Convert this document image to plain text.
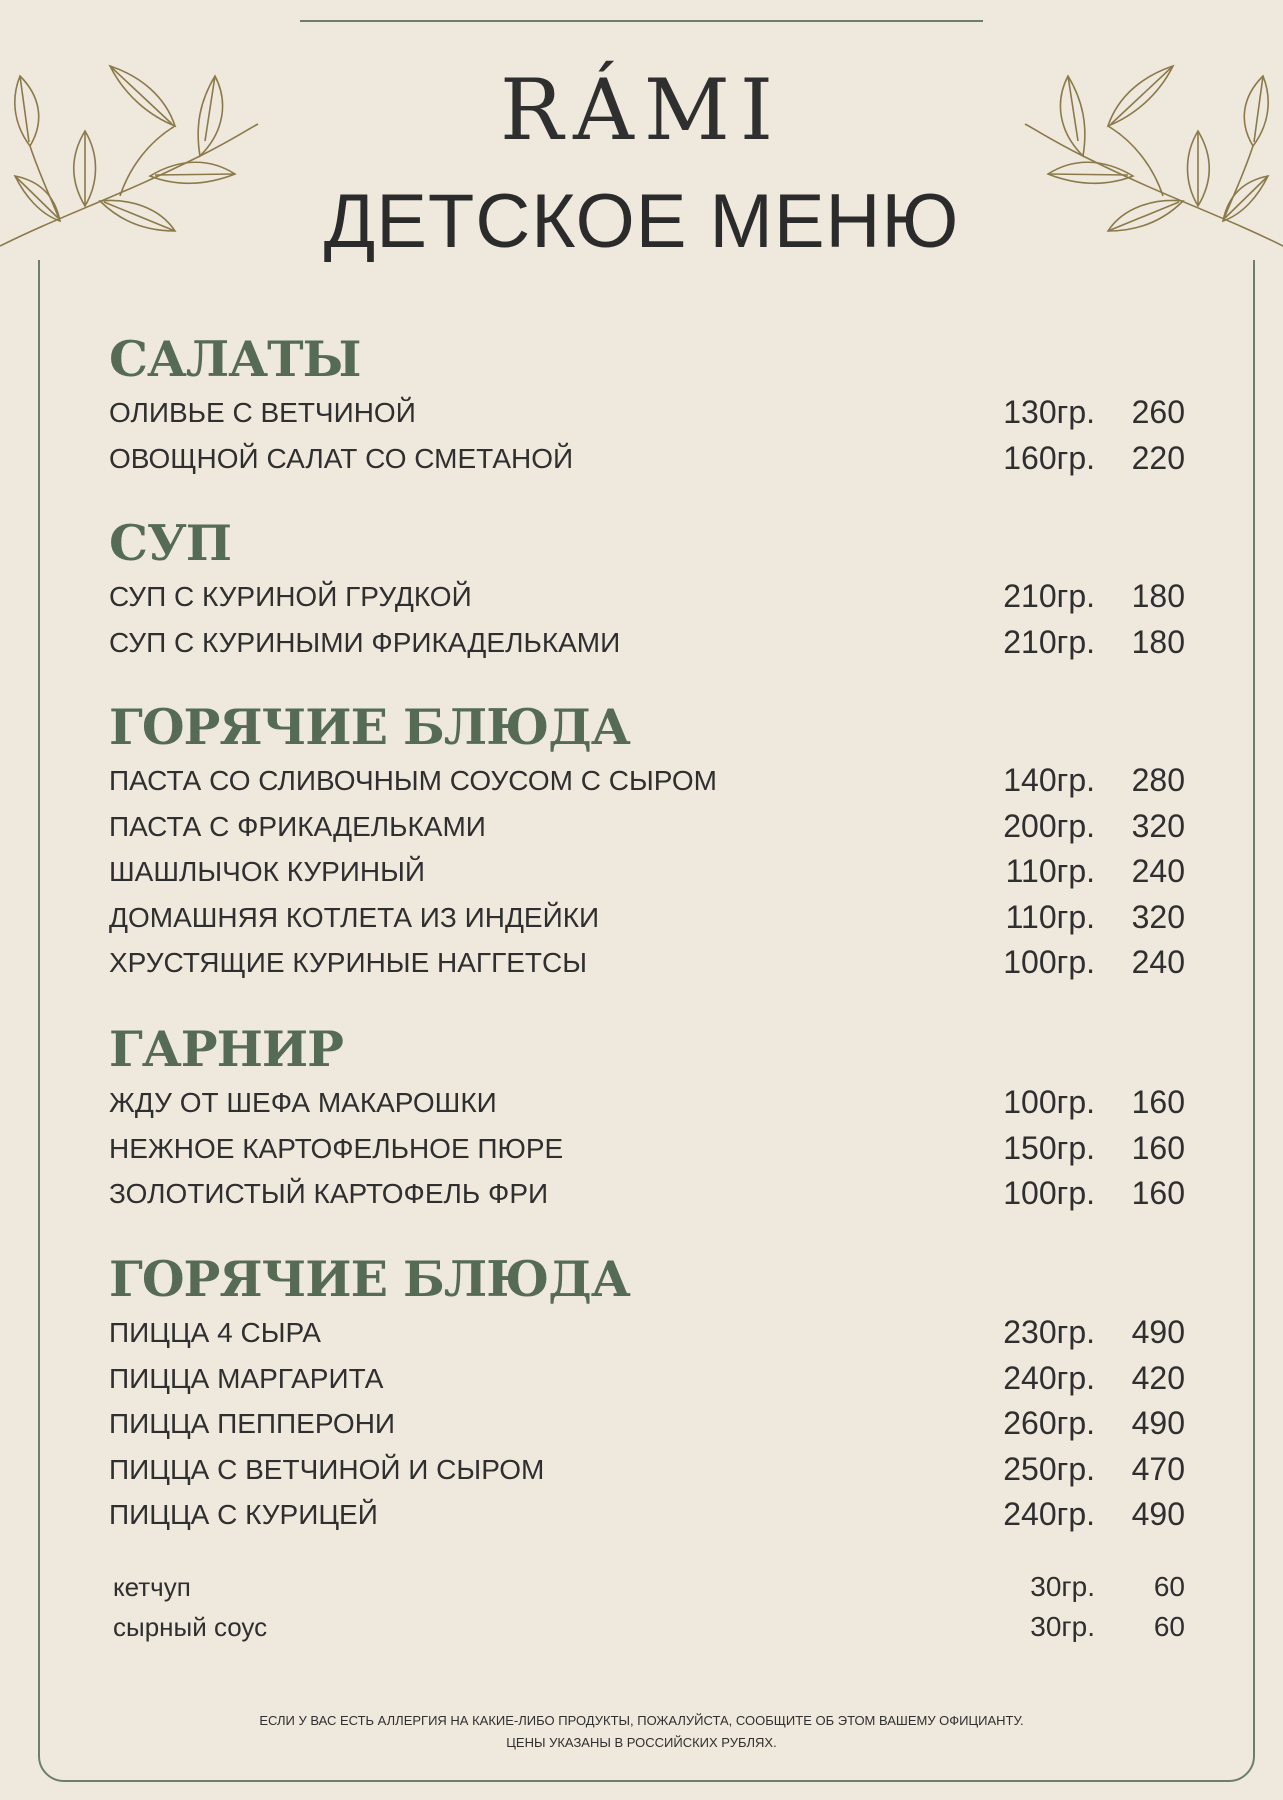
RÁMI
ДЕТСКОЕ МЕНЮ
САЛАТЫ
ОЛИВЬЕ С ВЕТЧИНОЙ	130гр. 260
ОВОЩНОЙ САЛАТ СО СМЕТАНОЙ	160гр. 220
СУП
СУП С КУРИНОЙ ГРУДКОЙ	210гр. 180
СУП С КУРИНЫМИ ФРИКАДЕЛЬКАМИ	210гр. 180
ГОРЯЧИЕ БЛЮДА
ПАСТА СО СЛИВОЧНЫМ СОУСОМ С СЫРОМ	140гр. 280
ПАСТА С ФРИКАДЕЛЬКАМИ	200гр. 320
ШАШЛЫЧОК КУРИНЫЙ	110гр. 240
ДОМАШНЯЯ КОТЛЕТА ИЗ ИНДЕЙКИ	110гр. 320
ХРУСТЯЩИЕ КУРИНЫЕ НАГГЕТСЫ	100гр. 240
ГАРНИР
ЖДУ ОТ ШЕФА МАКАРОШКИ	100гр. 160
НЕЖНОЕ КАРТОФЕЛЬНОЕ ПЮРЕ	150гр. 160
ЗОЛОТИСТЫЙ КАРТОФЕЛЬ ФРИ	100гр. 160
ГОРЯЧИЕ БЛЮДА
ПИЦЦА 4 СЫРА	230гр. 490
ПИЦЦА МАРГАРИТА	240гр. 420
ПИЦЦА ПЕППЕРОНИ	260гр. 490
ПИЦЦА С ВЕТЧИНОЙ И СЫРОМ	250гр. 470
ПИЦЦА С КУРИЦЕЙ	240гр. 490
кетчуп	30гр. 60
сырный соус	30гр. 60
ЕСЛИ У ВАС ЕСТЬ АЛЛЕРГИЯ НА КАКИЕ-ЛИБО ПРОДУКТЫ, ПОЖАЛУЙСТА, СООБЩИТЕ ОБ ЭТОМ ВАШЕМУ ОФИЦИАНТУ.
ЦЕНЫ УКАЗАНЫ В РОССИЙСКИХ РУБЛЯХ.
